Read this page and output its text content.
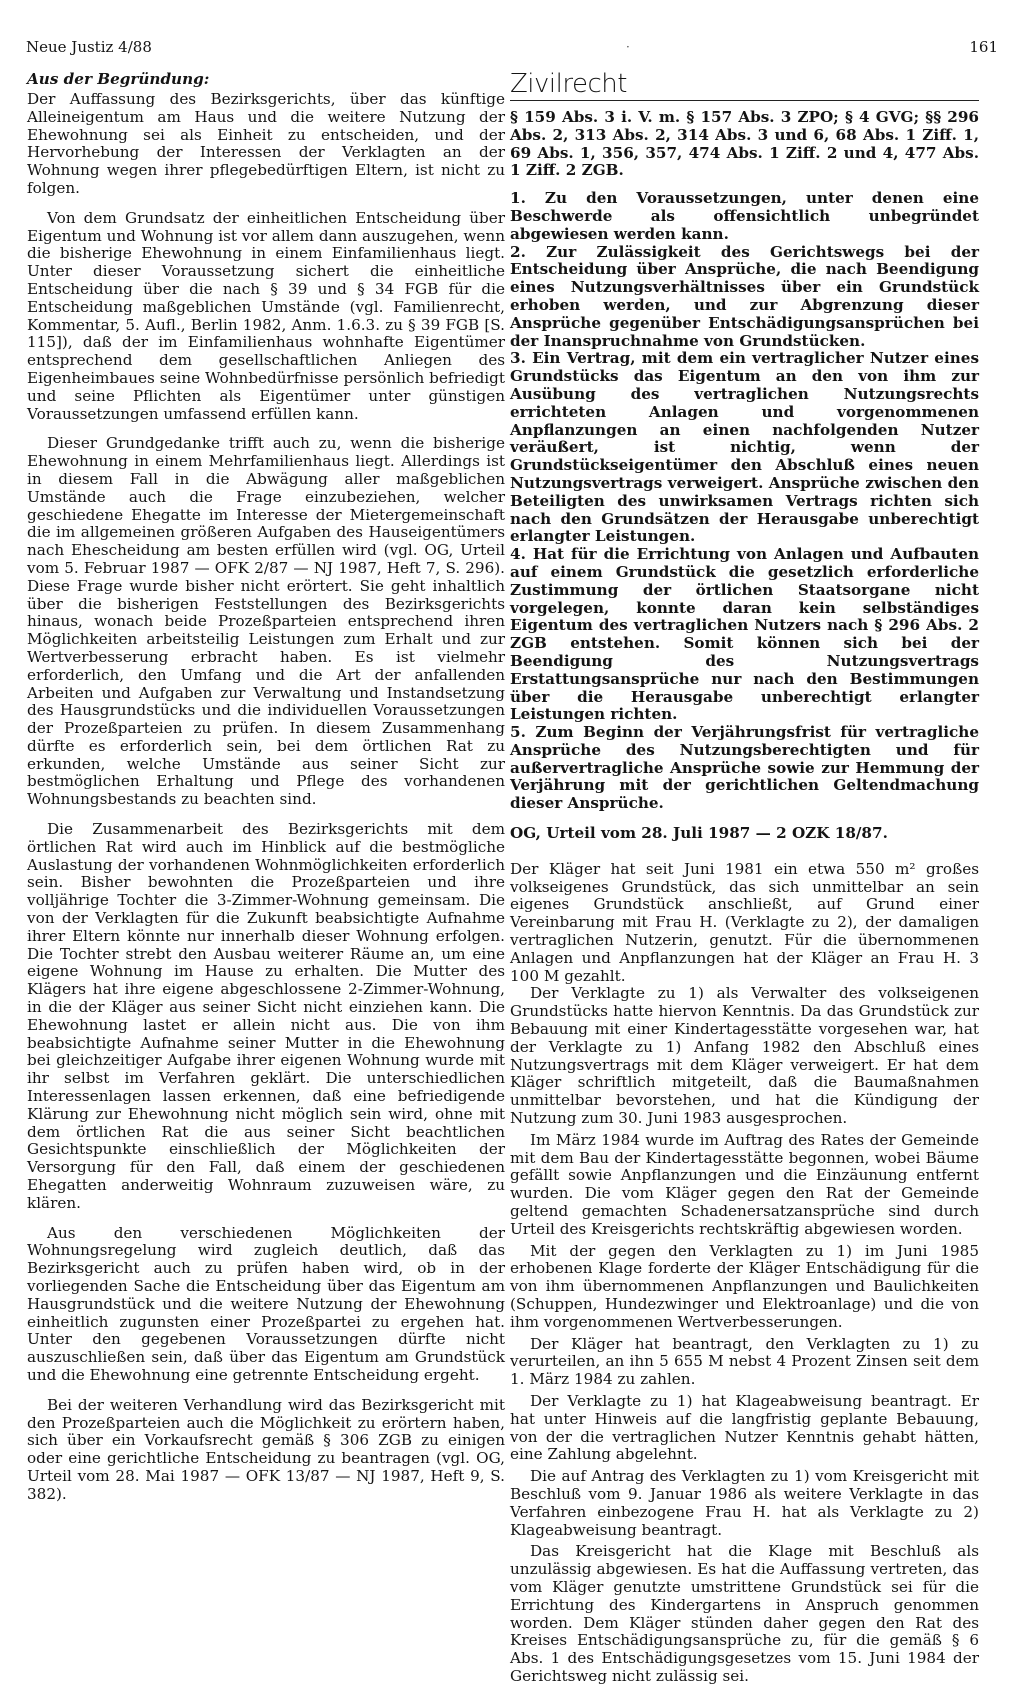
Neue Justiz 4/88	·	161

Aus der Begründung:

Der Auffassung des Bezirksgerichts, über das künftige Alleineigentum am Haus und die weitere Nutzung der Ehewohnung sei als Einheit zu entscheiden, und der Hervorhebung der Interessen der Verklagten an der Wohnung wegen ihrer pflegebedürftigen Eltern, ist nicht zu folgen.

Von dem Grundsatz der einheitlichen Entscheidung über Eigentum und Wohnung ist vor allem dann auszugehen, wenn die bisherige Ehewohnung in einem Einfamilienhaus liegt. Unter dieser Voraussetzung sichert die einheitliche Entscheidung über die nach § 39 und § 34 FGB für die Entscheidung maßgeblichen Umstände (vgl. Familienrecht, Kommentar, 5. Aufl., Berlin 1982, Anm. 1.6.3. zu § 39 FGB [S. 115]), daß der im Einfamilienhaus wohnhafte Eigentümer entsprechend dem gesellschaftlichen Anliegen des Eigenheimbaues seine Wohnbedürfnisse persönlich befriedigt und seine Pflichten als Eigentümer unter günstigen Voraussetzungen umfassend erfüllen kann.

Dieser Grundgedanke trifft auch zu, wenn die bisherige Ehewohnung in einem Mehrfamilienhaus liegt. Allerdings ist in diesem Fall in die Abwägung aller maßgeblichen Umstände auch die Frage einzubeziehen, welcher geschiedene Ehegatte im Interesse der Mietergemeinschaft die im allgemeinen größeren Aufgaben des Hauseigentümers nach Ehescheidung am besten erfüllen wird (vgl. OG, Urteil vom 5. Februar 1987 — OFK 2/87 — NJ 1987, Heft 7, S. 296). Diese Frage wurde bisher nicht erörtert. Sie geht inhaltlich über die bisherigen Feststellungen des Bezirksgerichts hinaus, wonach beide Prozeßparteien entsprechend ihren Möglichkeiten arbeitsteilig Leistungen zum Erhalt und zur Wertverbesserung erbracht haben. Es ist vielmehr erforderlich, den Umfang und die Art der anfallenden Arbeiten und Aufgaben zur Verwaltung und Instandsetzung des Hausgrundstücks und die individuellen Voraussetzungen der Prozeßparteien zu prüfen. In diesem Zusammenhang dürfte es erforderlich sein, bei dem örtlichen Rat zu erkunden, welche Umstände aus seiner Sicht zur bestmöglichen Erhaltung und Pflege des vorhandenen Wohnungsbestands zu beachten sind.

Die Zusammenarbeit des Bezirksgerichts mit dem örtlichen Rat wird auch im Hinblick auf die bestmögliche Auslastung der vorhandenen Wohnmöglichkeiten erforderlich sein. Bisher bewohnten die Prozeßparteien und ihre volljährige Tochter die 3-Zimmer-Wohnung gemeinsam. Die von der Verklagten für die Zukunft beabsichtigte Aufnahme ihrer Eltern könnte nur innerhalb dieser Wohnung erfolgen. Die Tochter strebt den Ausbau weiterer Räume an, um eine eigene Wohnung im Hause zu erhalten. Die Mutter des Klägers hat ihre eigene abgeschlossene 2-Zimmer-Wohnung, in die der Kläger aus seiner Sicht nicht einziehen kann. Die Ehewohnung lastet er allein nicht aus. Die von ihm beabsichtigte Aufnahme seiner Mutter in die Ehewohnung bei gleichzeitiger Aufgabe ihrer eigenen Wohnung wurde mit ihr selbst im Verfahren geklärt. Die unterschiedlichen Interessenlagen lassen erkennen, daß eine befriedigende Klärung zur Ehewohnung nicht möglich sein wird, ohne mit dem örtlichen Rat die aus seiner Sicht beachtlichen Gesichtspunkte einschließlich der Möglichkeiten der Versorgung für den Fall, daß einem der geschiedenen Ehegatten anderweitig Wohnraum zuzuweisen wäre, zu klären.

Aus den verschiedenen Möglichkeiten der Wohnungsregelung wird zugleich deutlich, daß das Bezirksgericht auch zu prüfen haben wird, ob in der vorliegenden Sache die Entscheidung über das Eigentum am Hausgrundstück und die weitere Nutzung der Ehewohnung einheitlich zugunsten einer Prozeßpartei zu ergehen hat. Unter den gegebenen Voraussetzungen dürfte nicht auszuschließen sein, daß über das Eigentum am Grundstück und die Ehewohnung eine getrennte Entscheidung ergeht.

Bei der weiteren Verhandlung wird das Bezirksgericht mit den Prozeßparteien auch die Möglichkeit zu erörtern haben, sich über ein Vorkaufsrecht gemäß § 306 ZGB zu einigen oder eine gerichtliche Entscheidung zu beantragen (vgl. OG, Urteil vom 28. Mai 1987 — OFK 13/87 — NJ 1987, Heft 9, S. 382).

Zivilrecht

§ 159 Abs. 3 i. V. m. § 157 Abs. 3 ZPO; § 4 GVG; §§ 296 Abs. 2, 313 Abs. 2, 314 Abs. 3 und 6, 68 Abs. 1 Ziff. 1, 69 Abs. 1, 356, 357, 474 Abs. 1 Ziff. 2 und 4, 477 Abs. 1 Ziff. 2 ZGB.

1. Zu den Voraussetzungen, unter denen eine Beschwerde als offensichtlich unbegründet abgewiesen werden kann.

2. Zur Zulässigkeit des Gerichtswegs bei der Entscheidung über Ansprüche, die nach Beendigung eines Nutzungsverhältnisses über ein Grundstück erhoben werden, und zur Abgrenzung dieser Ansprüche gegenüber Entschädigungsansprüchen bei der Inanspruchnahme von Grundstücken.

3. Ein Vertrag, mit dem ein vertraglicher Nutzer eines Grundstücks das Eigentum an den von ihm zur Ausübung des vertraglichen Nutzungsrechts errichteten Anlagen und vorgenommenen Anpflanzungen an einen nachfolgenden Nutzer veräußert, ist nichtig, wenn der Grundstückseigentümer den Abschluß eines neuen Nutzungsvertrags verweigert. Ansprüche zwischen den Beteiligten des unwirksamen Vertrags richten sich nach den Grundsätzen der Herausgabe unberechtigt erlangter Leistungen.

4. Hat für die Errichtung von Anlagen und Aufbauten auf einem Grundstück die gesetzlich erforderliche Zustimmung der örtlichen Staatsorgane nicht vorgelegen, konnte daran kein selbständiges Eigentum des vertraglichen Nutzers nach § 296 Abs. 2 ZGB entstehen. Somit können sich bei der Beendigung des Nutzungsvertrags Erstattungsansprüche nur nach den Bestimmungen über die Herausgabe unberechtigt erlangter Leistungen richten.

5. Zum Beginn der Verjährungsfrist für vertragliche Ansprüche des Nutzungsberechtigten und für außervertragliche Ansprüche sowie zur Hemmung der Verjährung mit der gerichtlichen Geltendmachung dieser Ansprüche.

OG, Urteil vom 28. Juli 1987 — 2 OZK 18/87.

Der Kläger hat seit Juni 1981 ein etwa 550 m² großes volkseigenes Grundstück, das sich unmittelbar an sein eigenes Grundstück anschließt, auf Grund einer Vereinbarung mit Frau H. (Verklagte zu 2), der damaligen vertraglichen Nutzerin, genutzt. Für die übernommenen Anlagen und Anpflanzungen hat der Kläger an Frau H. 3 100 M gezahlt.

Der Verklagte zu 1) als Verwalter des volkseigenen Grundstücks hatte hiervon Kenntnis. Da das Grundstück zur Bebauung mit einer Kindertagesstätte vorgesehen war, hat der Verklagte zu 1) Anfang 1982 den Abschluß eines Nutzungsvertrags mit dem Kläger verweigert. Er hat dem Kläger schriftlich mitgeteilt, daß die Baumaßnahmen unmittelbar bevorstehen, und hat die Kündigung der Nutzung zum 30. Juni 1983 ausgesprochen.

Im März 1984 wurde im Auftrag des Rates der Gemeinde mit dem Bau der Kindertagesstätte begonnen, wobei Bäume gefällt sowie Anpflanzungen und die Einzäunung entfernt wurden. Die vom Kläger gegen den Rat der Gemeinde geltend gemachten Schadenersatzansprüche sind durch Urteil des Kreisgerichts rechtskräftig abgewiesen worden.

Mit der gegen den Verklagten zu 1) im Juni 1985 erhobenen Klage forderte der Kläger Entschädigung für die von ihm übernommenen Anpflanzungen und Baulichkeiten (Schuppen, Hundezwinger und Elektroanlage) und die von ihm vorgenommenen Wertverbesserungen.

Der Kläger hat beantragt, den Verklagten zu 1) zu verurteilen, an ihn 5 655 M nebst 4 Prozent Zinsen seit dem 1. März 1984 zu zahlen.

Der Verklagte zu 1) hat Klageabweisung beantragt. Er hat unter Hinweis auf die langfristig geplante Bebauung, von der die vertraglichen Nutzer Kenntnis gehabt hätten, eine Zahlung abgelehnt.

Die auf Antrag des Verklagten zu 1) vom Kreisgericht mit Beschluß vom 9. Januar 1986 als weitere Verklagte in das Verfahren einbezogene Frau H. hat als Verklagte zu 2) Klageabweisung beantragt.

Das Kreisgericht hat die Klage mit Beschluß als unzulässig abgewiesen. Es hat die Auffassung vertreten, das vom Kläger genutzte umstrittene Grundstück sei für die Errichtung des Kindergartens in Anspruch genommen worden. Dem Kläger stünden daher gegen den Rat des Kreises Entschädigungsansprüche zu, für die gemäß § 6 Abs. 1 des Entschädigungsgesetzes vom 15. Juni 1984 der Gerichtsweg nicht zulässig sei.
